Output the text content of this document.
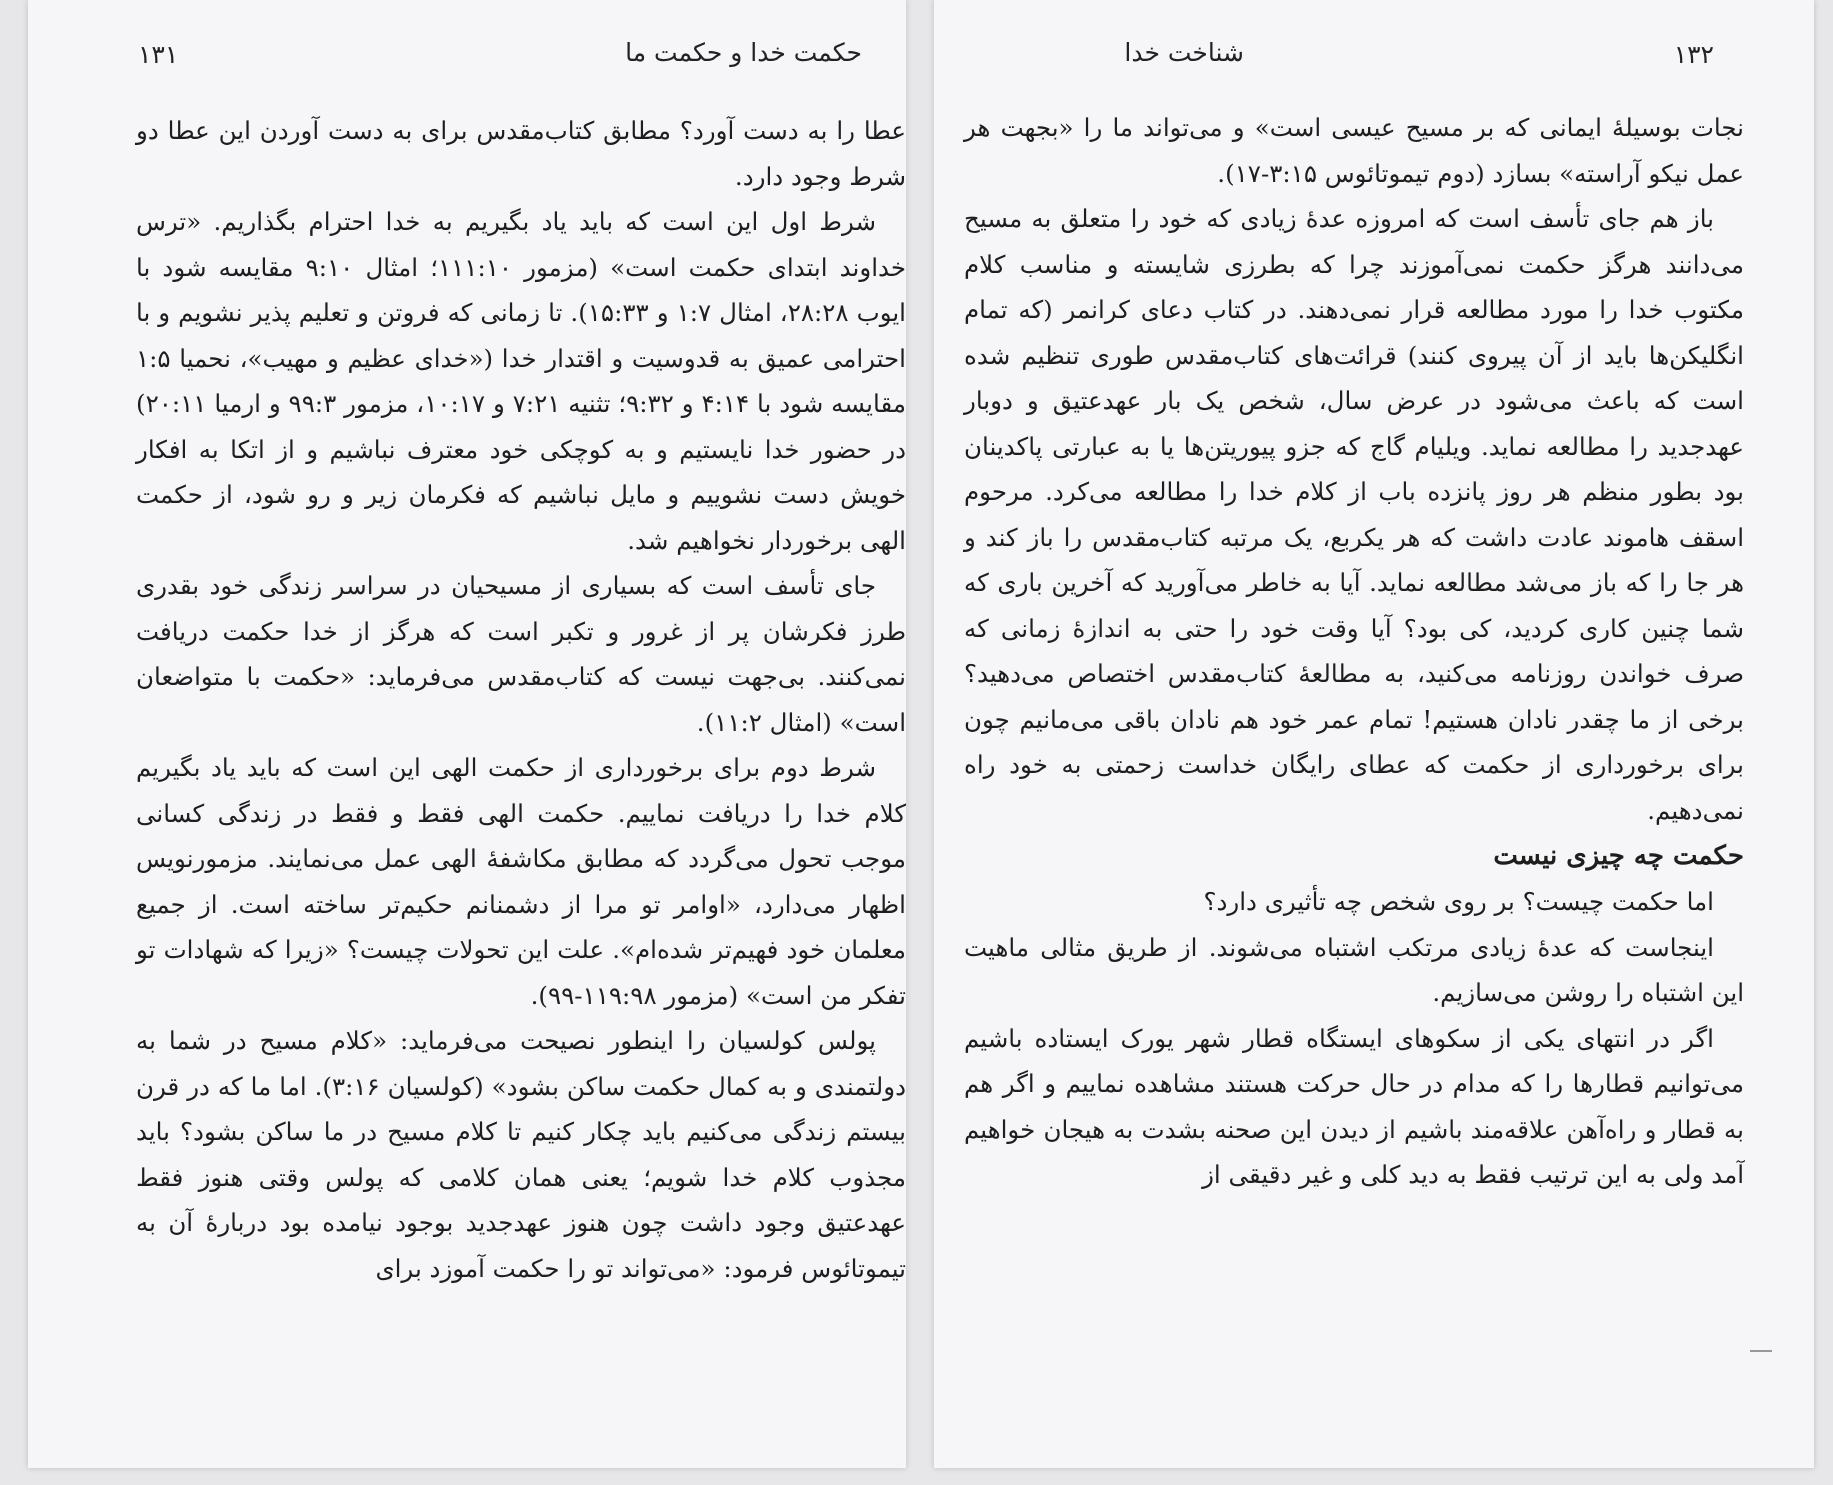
حکمت خدا و حکمت ما
۱۳۱

عطا را به دست آورد؟ مطابق کتاب‌مقدس برای به دست آوردن این عطا دو شرط وجود دارد.

شرط اول این است که باید یاد بگیریم به خدا احترام بگذاریم. «ترس خداوند ابتدای حکمت است» (مزمور ۱۱۱:۱۰؛ امثال ۹:۱۰ مقایسه شود با ایوب ۲۸:۲۸، امثال ۱:۷ و ۱۵:۳۳). تا زمانی که فروتن و تعلیم پذیر نشویم و با احترامی عمیق به قدوسیت و اقتدار خدا («خدای عظیم و مهیب»، نحمیا ۱:۵ مقایسه شود با ۴:۱۴ و ۹:۳۲؛ تثنیه ۷:۲۱ و ۱۰:۱۷، مزمور ۹۹:۳ و ارمیا ۲۰:۱۱) در حضور خدا نایستیم و به کوچکی خود معترف نباشیم و از اتکا به افکار خویش دست نشوییم و مایل نباشیم که فکرمان زیر و رو شود، از حکمت الهی برخوردار نخواهیم شد.

جای تأسف است که بسیاری از مسیحیان در سراسر زندگی خود بقدری طرز فکرشان پر از غرور و تکبر است که هرگز از خدا حکمت دریافت نمی‌کنند. بی‌جهت نیست که کتاب‌مقدس می‌فرماید: «حکمت با متواضعان است» (امثال ۱۱:۲).

شرط دوم برای برخورداری از حکمت الهی این است که باید یاد بگیریم کلام خدا را دریافت نماییم. حکمت الهی فقط و فقط در زندگی کسانی موجب تحول می‌گردد که مطابق مکاشفهٔ الهی عمل می‌نمایند. مزمورنویس اظهار می‌دارد، «اوامر تو مرا از دشمنانم حکیم‌تر ساخته است. از جمیع معلمان خود فهیم‌تر شده‌ام». علت این تحولات چیست؟ «زیرا که شهادات تو تفکر من است» (مزمور ۱۱۹:۹۸-۹۹).

پولس کولسیان را اینطور نصیحت می‌فرماید: «کلام مسیح در شما به دولتمندی و به کمال حکمت ساکن بشود» (کولسیان ۳:۱۶). اما ما که در قرن بیستم زندگی می‌کنیم باید چکار کنیم تا کلام مسیح در ما ساکن بشود؟ باید مجذوب کلام خدا شویم؛ یعنی همان کلامی که پولس وقتی هنوز فقط عهدعتیق وجود داشت چون هنوز عهدجدید بوجود نیامده بود دربارهٔ آن به تیموتائوس فرمود: «می‌تواند تو را حکمت آموزد برای

شناخت خدا	۱۳۲

نجات بوسیلهٔ ایمانی که بر مسیح عیسی است» و می‌تواند ما را «بجهت هر عمل نیکو آراسته» بسازد (دوم تیموتائوس ۳:۱۵-۱۷).

باز هم جای تأسف است که امروزه عدهٔ زیادی که خود را متعلق به مسیح می‌دانند هرگز حکمت نمی‌آموزند چرا که بطرزی شایسته و مناسب کلام مکتوب خدا را مورد مطالعه قرار نمی‌دهند. در کتاب دعای کرانمر (که تمام انگلیکن‌ها باید از آن پیروی کنند) قرائت‌های کتاب‌مقدس طوری تنظیم شده است که باعث می‌شود در عرض سال، شخص یک بار عهدعتیق و دوبار عهدجدید را مطالعه نماید. ویلیام گاج که جزو پیوریتن‌ها یا به عبارتی پاکدینان بود بطور منظم هر روز پانزده باب از کلام خدا را مطالعه می‌کرد. مرحوم اسقف هاموند عادت داشت که هر یکربع، یک مرتبه کتاب‌مقدس را باز کند و هر جا را که باز می‌شد مطالعه نماید. آیا به خاطر می‌آورید که آخرین باری که شما چنین کاری کردید، کی بود؟ آیا وقت خود را حتی به اندازهٔ زمانی که صرف خواندن روزنامه می‌کنید، به مطالعهٔ کتاب‌مقدس اختصاص می‌دهید؟ برخی از ما چقدر نادان هستیم! تمام عمر خود هم نادان باقی می‌مانیم چون برای برخورداری از حکمت که عطای رایگان خداست زحمتی به خود راه نمی‌دهیم.

حکمت چه چیزی نیست

اما حکمت چیست؟ بر روی شخص چه تأثیری دارد؟

اینجاست که عدهٔ زیادی مرتکب اشتباه می‌شوند. از طریق مثالی ماهیت این اشتباه را روشن می‌سازیم.

اگر در انتهای یکی از سکوهای ایستگاه قطار شهر یورک ایستاده باشیم می‌توانیم قطارها را که مدام در حال حرکت هستند مشاهده نماییم و اگر هم به قطار و راه‌آهن علاقه‌مند باشیم از دیدن این صحنه بشدت به هیجان خواهیم آمد ولی به این ترتیب فقط به دید کلی و غیر دقیقی از
